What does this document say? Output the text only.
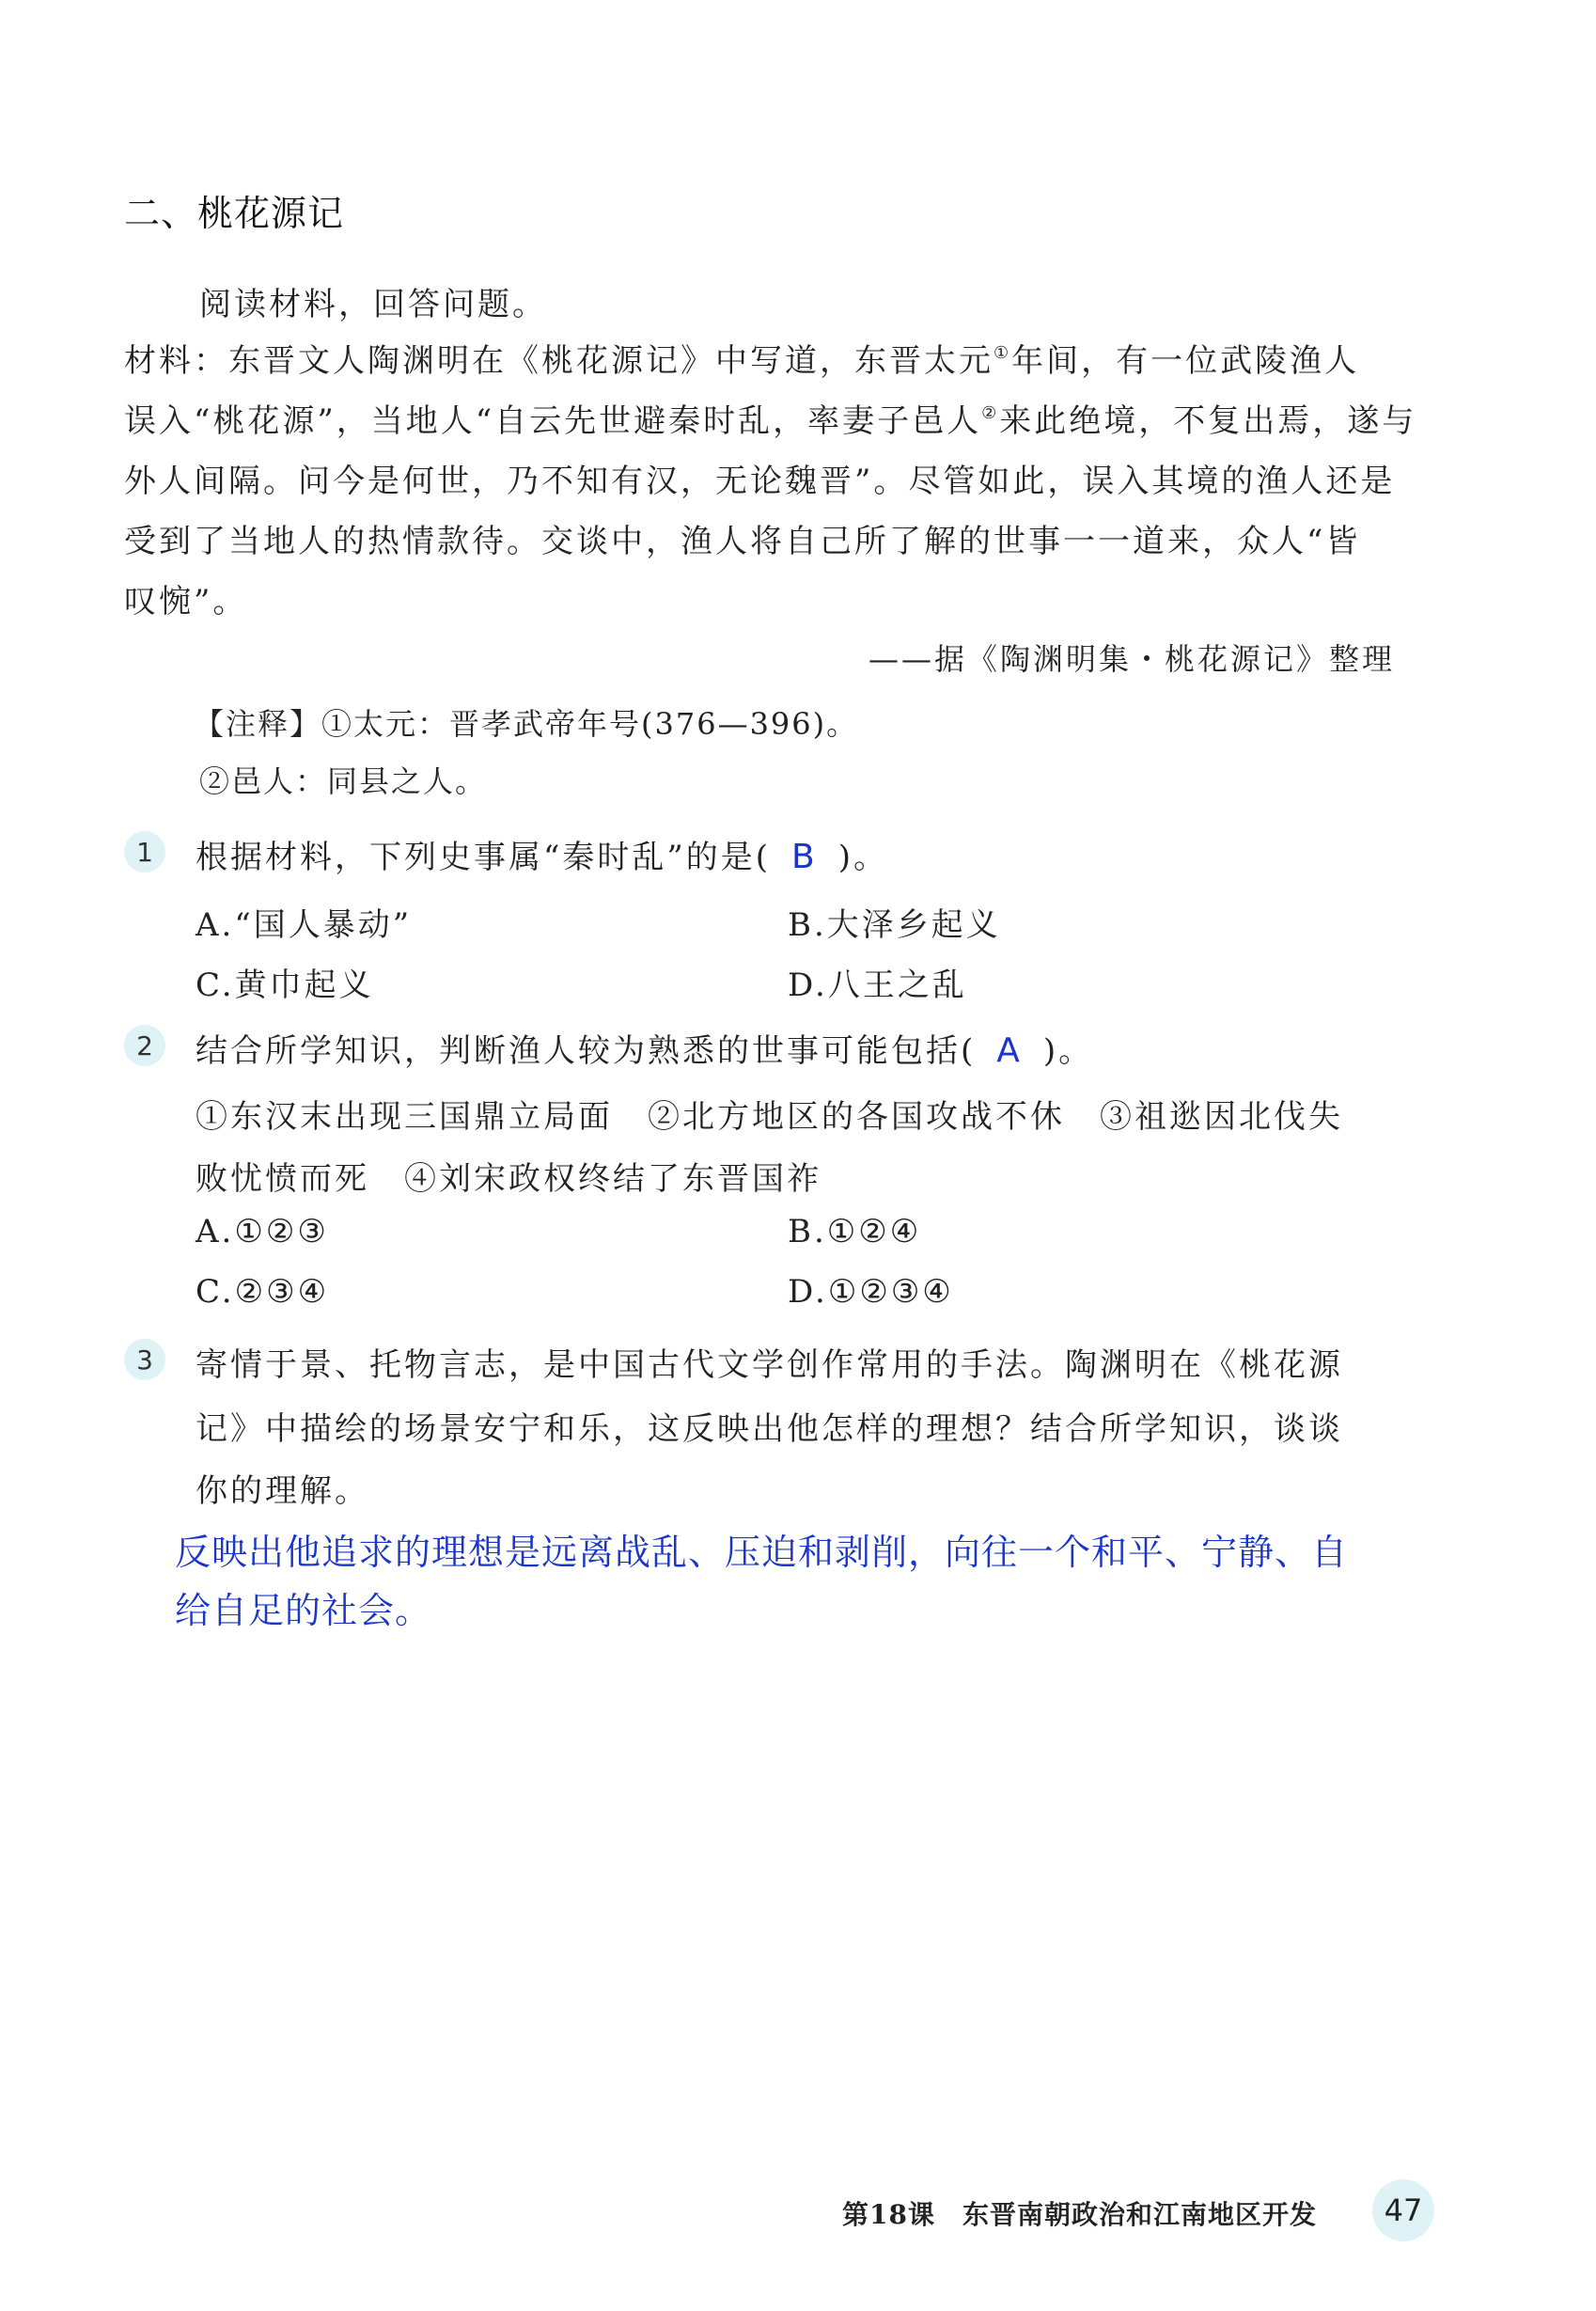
二、桃花源记
阅读材料，回答问题。
材料：东晋文人陶渊明在《桃花源记》中写道，东晋太元①年间，有一位武陵渔人
误入“桃花源”，当地人“自云先世避秦时乱，率妻子邑人②来此绝境，不复出焉，遂与
外人间隔。问今是何世，乃不知有汉，无论魏晋”。尽管如此，误入其境的渔人还是
受到了当地人的热情款待。交谈中，渔人将自己所了解的世事一一道来，众人“皆
叹惋”。
——据《陶渊明集・桃花源记》整理
【注释】①太元：晋孝武帝年号(376—396)。
②邑人：同县之人。
1	根据材料，下列史事属“秦时乱”的是( B )。
A.“国人暴动”	B.大泽乡起义
C.黄巾起义	D.八王之乱
2	结合所学知识，判断渔人较为熟悉的世事可能包括( A )。
①东汉末出现三国鼎立局面　②北方地区的各国攻战不休　③祖逖因北伐失
败忧愤而死　④刘宋政权终结了东晋国祚
A.①②③	B.①②④
C.②③④	D.①②③④
3	寄情于景、托物言志，是中国古代文学创作常用的手法。陶渊明在《桃花源
记》中描绘的场景安宁和乐，这反映出他怎样的理想？结合所学知识，谈谈
你的理解。
反映出他追求的理想是远离战乱、压迫和剥削，向往一个和平、宁静、自
给自足的社会。
第18课　东晋南朝政治和江南地区开发	47
